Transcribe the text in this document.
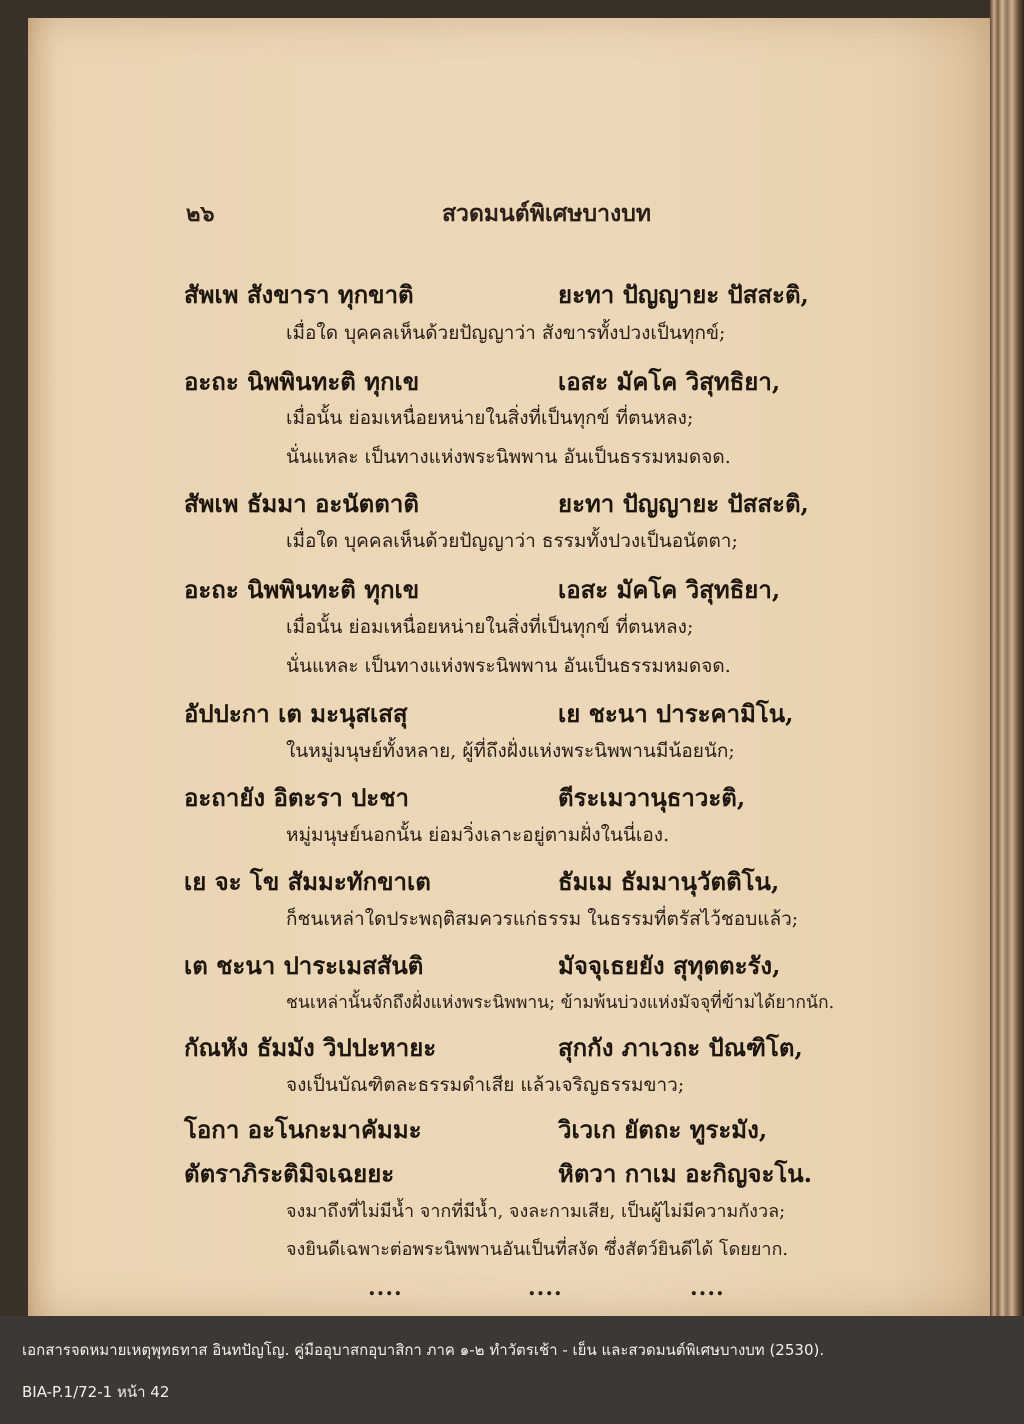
๒๖	สวดมนต์พิเศษบางบท
สัพเพ สังขารา ทุกขาติ	ยะทา ปัญญายะ ปัสสะติ,
เมื่อใด บุคคลเห็นด้วยปัญญาว่า สังขารทั้งปวงเป็นทุกข์;
อะถะ นิพพินทะติ ทุกเข	เอสะ มัคโค วิสุทธิยา,
เมื่อนั้น ย่อมเหนื่อยหน่ายในสิ่งที่เป็นทุกข์ ที่ตนหลง;
นั่นแหละ เป็นทางแห่งพระนิพพาน อันเป็นธรรมหมดจด.
สัพเพ ธัมมา อะนัตตาติ	ยะทา ปัญญายะ ปัสสะติ,
เมื่อใด บุคคลเห็นด้วยปัญญาว่า ธรรมทั้งปวงเป็นอนัตตา;
อะถะ นิพพินทะติ ทุกเข	เอสะ มัคโค วิสุทธิยา,
เมื่อนั้น ย่อมเหนื่อยหน่ายในสิ่งที่เป็นทุกข์ ที่ตนหลง;
นั่นแหละ เป็นทางแห่งพระนิพพาน อันเป็นธรรมหมดจด.
อัปปะกา เต มะนุสเสสุ	เย ชะนา ปาระคามิโน,
ในหมู่มนุษย์ทั้งหลาย, ผู้ที่ถึงฝั่งแห่งพระนิพพานมีน้อยนัก;
อะถายัง อิตะรา ปะชา	ตีระเมวานุธาวะติ,
หมู่มนุษย์นอกนั้น ย่อมวิ่งเลาะอยู่ตามฝั่งในนี่เอง.
เย จะ โข สัมมะทักขาเต	ธัมเม ธัมมานุวัตติโน,
ก็ชนเหล่าใดประพฤติสมควรแก่ธรรม ในธรรมที่ตรัสไว้ชอบแล้ว;
เต ชะนา ปาระเมสสันติ	มัจจุเธยยัง สุทุตตะรัง,
ชนเหล่านั้นจักถึงฝั่งแห่งพระนิพพาน; ข้ามพ้นบ่วงแห่งมัจจุที่ข้ามได้ยากนัก.
กัณหัง ธัมมัง วิปปะหายะ	สุกกัง ภาเวถะ ปัณฑิโต,
จงเป็นบัณฑิตละธรรมดำเสีย แล้วเจริญธรรมขาว;
โอกา อะโนกะมาคัมมะ	วิเวเก ยัตถะ ทูระมัง,
ตัตราภิระติมิจเฉยยะ	หิตวา กาเม อะกิญจะโน.
จงมาถึงที่ไม่มีน้ำ จากที่มีน้ำ, จงละกามเสีย, เป็นผู้ไม่มีความกังวล;
จงยินดีเฉพาะต่อพระนิพพานอันเป็นที่สงัด ซึ่งสัตว์ยินดีได้ โดยยาก.
....	....	....
เอกสารจดหมายเหตุพุทธทาส อินทปัญโญ. คู่มืออุบาสกอุบาสิกา ภาค ๑-๒ ทำวัตรเช้า - เย็น และสวดมนต์พิเศษบางบท (2530).
BIA-P.1/72-1 หน้า 42
